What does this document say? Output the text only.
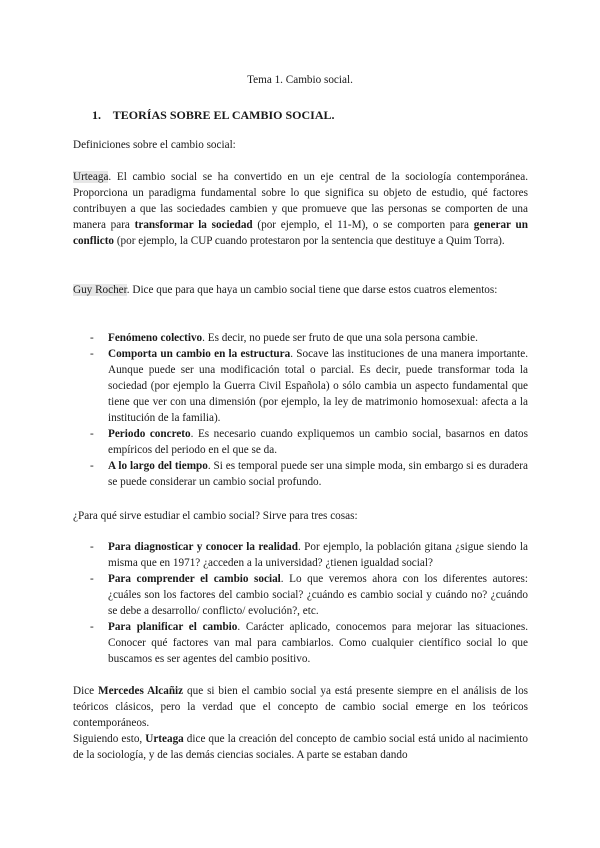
Tema 1. Cambio social.
1. TEORÍAS SOBRE EL CAMBIO SOCIAL.
Definiciones sobre el cambio social:
Urteaga. El cambio social se ha convertido en un eje central de la sociología contemporánea. Proporciona un paradigma fundamental sobre lo que significa su objeto de estudio, qué factores contribuyen a que las sociedades cambien y que promueve que las personas se comporten de una manera para transformar la sociedad (por ejemplo, el 11-M), o se comporten para generar un conflicto (por ejemplo, la CUP cuando protestaron por la sentencia que destituye a Quim Torra).
Guy Rocher. Dice que para que haya un cambio social tiene que darse estos cuatros elementos:
- Fenómeno colectivo. Es decir, no puede ser fruto de que una sola persona cambie.
- Comporta un cambio en la estructura. Socave las instituciones de una manera importante. Aunque puede ser una modificación total o parcial. Es decir, puede transformar toda la sociedad (por ejemplo la Guerra Civil Española) o sólo cambia un aspecto fundamental que tiene que ver con una dimensión (por ejemplo, la ley de matrimonio homosexual: afecta a la institución de la familia).
- Periodo concreto. Es necesario cuando expliquemos un cambio social, basarnos en datos empíricos del periodo en el que se da.
- A lo largo del tiempo. Si es temporal puede ser una simple moda, sin embargo si es duradera se puede considerar un cambio social profundo.
¿Para qué sirve estudiar el cambio social? Sirve para tres cosas:
- Para diagnosticar y conocer la realidad. Por ejemplo, la población gitana ¿sigue siendo la misma que en 1971? ¿acceden a la universidad? ¿tienen igualdad social?
- Para comprender el cambio social. Lo que veremos ahora con los diferentes autores: ¿cuáles son los factores del cambio social? ¿cuándo es cambio social y cuándo no? ¿cuándo se debe a desarrollo/ conflicto/ evolución?, etc.
- Para planificar el cambio. Carácter aplicado, conocemos para mejorar las situaciones. Conocer qué factores van mal para cambiarlos. Como cualquier científico social lo que buscamos es ser agentes del cambio positivo.
Dice Mercedes Alcañiz que si bien el cambio social ya está presente siempre en el análisis de los teóricos clásicos, pero la verdad que el concepto de cambio social emerge en los teóricos contemporáneos.
Siguiendo esto, Urteaga dice que la creación del concepto de cambio social está unido al nacimiento de la sociología, y de las demás ciencias sociales. A parte se estaban dando
